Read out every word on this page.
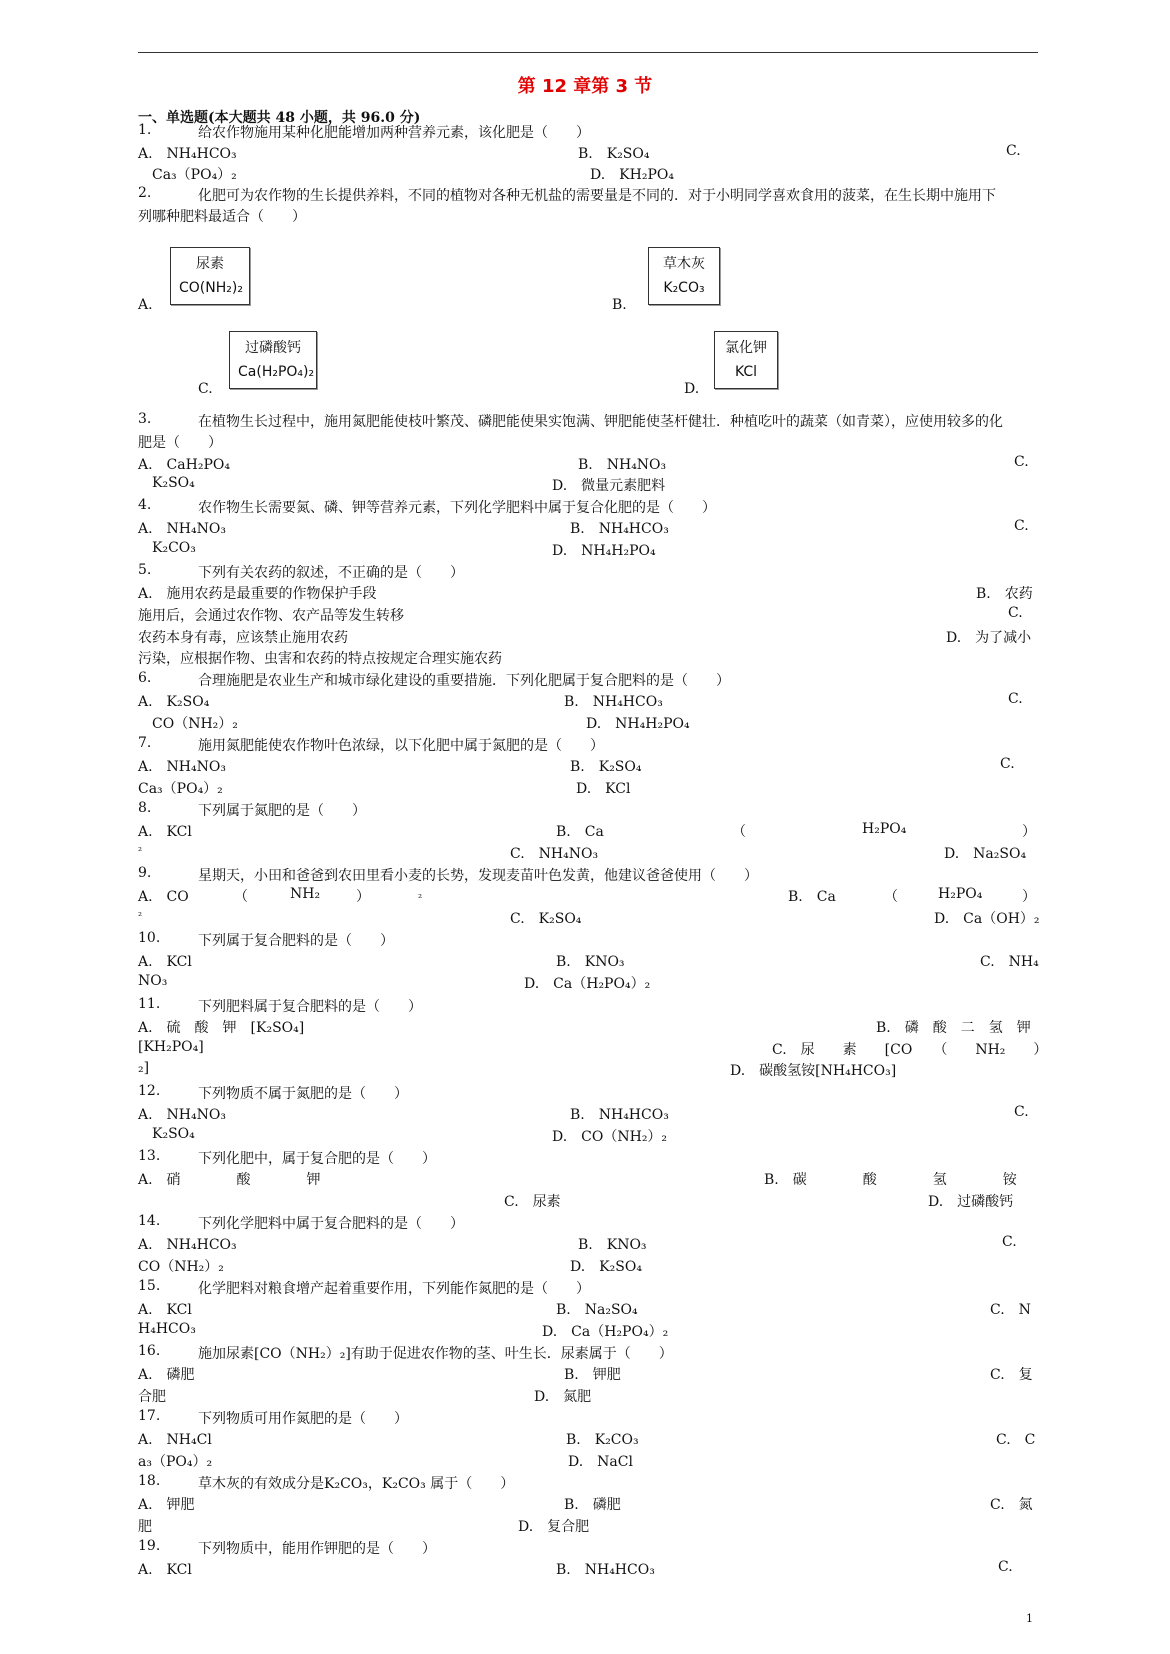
第 12 章第 3 节
一、单选题(本大题共 48 小题，共 96.0 分)
1.	给农作物施用某种化肥能增加两种营养元素，该化肥是（　　）
A.　NH₄HCO₃	B.　K₂SO₄	C.
Ca₃（PO₄）₂	D.　KH₂PO₄
2.	化肥可为农作物的生长提供养料，不同的植物对各种无机盐的需要量是不同的．对于小明同学喜欢食用的菠菜，在生长期中施用下
列哪种肥料最适合（　　）
尿素
CO(NH₂)₂
A.	B.
草木灰
K₂CO₃
过磷酸钙
Ca(H₂PO₄)₂
氯化钾
KCl
C.	D.
3.	在植物生长过程中，施用氮肥能使枝叶繁茂、磷肥能使果实饱满、钾肥能使茎杆健壮．种植吃叶的蔬菜（如青菜），应使用较多的化
肥是（　　）
A.　CaH₂PO₄	B.　NH₄NO₃	C.
K₂SO₄	D.　微量元素肥料
4.	农作物生长需要氮、磷、钾等营养元素，下列化学肥料中属于复合化肥的是（　　）
A.　NH₄NO₃	B.　NH₄HCO₃	C.
K₂CO₃	D.　NH₄H₂PO₄
5.	下列有关农药的叙述，不正确的是（　　）
A.　施用农药是最重要的作物保护手段	B.　农药
施用后，会通过农作物、农产品等发生转移	C.
农药本身有毒，应该禁止施用农药	D.　为了减小
污染，应根据作物、虫害和农药的特点按规定合理实施农药
6.	合理施肥是农业生产和城市绿化建设的重要措施．下列化肥属于复合肥料的是（　　）
A.　K₂SO₄	B.　NH₄HCO₃	C.
CO（NH₂）₂	D.　NH₄H₂PO₄
7.	施用氮肥能使农作物叶色浓绿，以下化肥中属于氮肥的是（　　）
A.　NH₄NO₃	B.　K₂SO₄	C.
Ca₃（PO₄）₂	D.　KCl
8.	下列属于氮肥的是（　　）
A.　KCl	B.　Ca	（	H₂PO₄	）
₂	C.　NH₄NO₃	D.　Na₂SO₄
9.	星期天，小田和爸爸到农田里看小麦的长势，发现麦苗叶色发黄，他建议爸爸使用（　　）
A.　CO	（	NH₂	）	₂	B.　Ca	（	H₂PO₄	）
₂	C.　K₂SO₄	D.　Ca（OH）₂
10.	下列属于复合肥料的是（　　）
A.　KCl	B.　KNO₃	C.　NH₄
NO₃	D.　Ca（H₂PO₄）₂
11.	下列肥料属于复合肥料的是（　　）
A.　硫　酸　钾　[K₂SO₄]	B.　磷　酸　二　氢　钾
[KH₂PO₄]	C.　尿　　素　　[CO　　（　　NH₂　　）
₂]	D.　碳酸氢铵[NH₄HCO₃]
12.	下列物质不属于氮肥的是（　　）
A.　NH₄NO₃	B.　NH₄HCO₃	C.
K₂SO₄	D.　CO（NH₂）₂
13.	下列化肥中，属于复合肥的是（　　）
A.　硝　　　　酸　　　　钾	B.　碳　　　　酸　　　　氢　　　　铵
C.　尿素	D.　过磷酸钙
14.	下列化学肥料中属于复合肥料的是（　　）
A.　NH₄HCO₃	B.　KNO₃	C.
CO（NH₂）₂	D.　K₂SO₄
15.	化学肥料对粮食增产起着重要作用，下列能作氮肥的是（　　）
A.　KCl	B.　Na₂SO₄	C.　N
H₄HCO₃	D.　Ca（H₂PO₄）₂
16.	施加尿素[CO（NH₂）₂]有助于促进农作物的茎、叶生长．尿素属于（　　）
A.　磷肥	B.　钾肥	C.　复
合肥	D.　氮肥
17.	下列物质可用作氮肥的是（　　）
A.　NH₄Cl	B.　K₂CO₃	C.　C
a₃（PO₄）₂	D.　NaCl
18.	草木灰的有效成分是K₂CO₃，K₂CO₃ 属于（　　）
A.　钾肥	B.　磷肥	C.　氮
肥	D.　复合肥
19.	下列物质中，能用作钾肥的是（　　）
A.　KCl	B.　NH₄HCO₃	C.
1
